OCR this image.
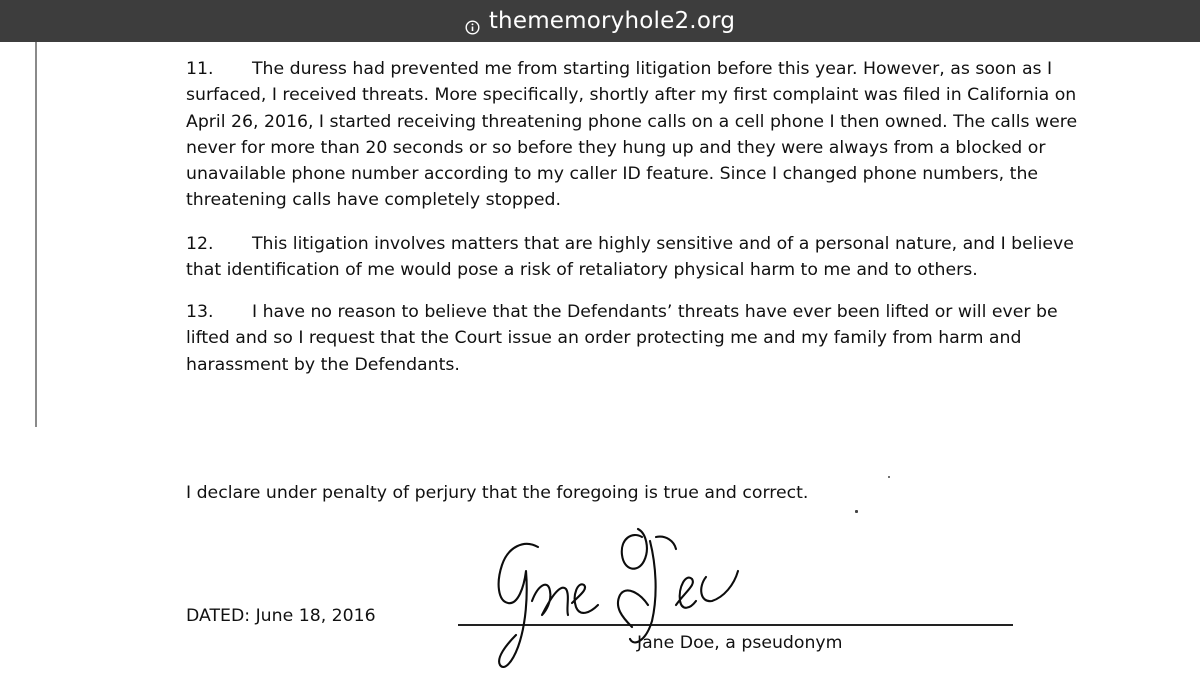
thememoryhole2.org
11. The duress had prevented me from starting litigation before this year. However, as soon as I
surfaced, I received threats. More specifically, shortly after my first complaint was filed in California on
April 26, 2016, I started receiving threatening phone calls on a cell phone I then owned. The calls were
never for more than 20 seconds or so before they hung up and they were always from a blocked or
unavailable phone number according to my caller ID feature. Since I changed phone numbers, the
threatening calls have completely stopped.
12. This litigation involves matters that are highly sensitive and of a personal nature, and I believe
that identification of me would pose a risk of retaliatory physical harm to me and to others.
13. I have no reason to believe that the Defendants’ threats have ever been lifted or will ever be
lifted and so I request that the Court issue an order protecting me and my family from harm and
harassment by the Defendants.
I declare under penalty of perjury that the foregoing is true and correct.
DATED: June 18, 2016
Jane Doe, a pseudonym
